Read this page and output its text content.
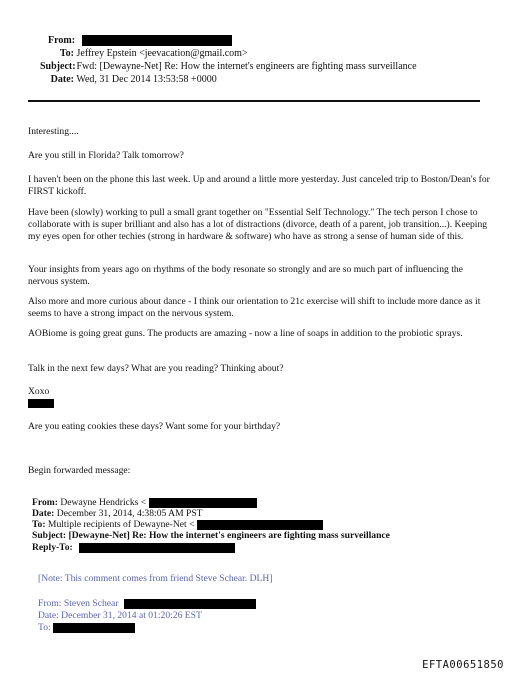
From:
To: Jeffrey Epstein <jeevacation@gmail.com>
Subject: Fwd: [Dewayne-Net] Re: How the internet's engineers are fighting mass surveillance
Date: Wed, 31 Dec 2014 13:53:58 +0000
Interesting....
Are you still in Florida? Talk tomorrow?
I haven't been on the phone this last week. Up and around a little more yesterday. Just canceled trip to Boston/Dean's for FIRST kickoff.
Have been (slowly) working to pull a small grant together on "Essential Self Technology." The tech person I chose to collaborate with is super brilliant and also has a lot of distractions (divorce, death of a parent, job transition...). Keeping my eyes open for other techies (strong in hardware & software) who have as strong a sense of human side of this.
Your insights from years ago on rhythms of the body resonate so strongly and are so much part of influencing the nervous system.
Also more and more curious about dance - I think our orientation to 21c exercise will shift to include more dance as it seems to have a strong impact on the nervous system.
AOBiome is going great guns. The products are amazing - now a line of soaps in addition to the probiotic sprays.
Talk in the next few days? What are you reading? Thinking about?
Xoxo
Are you eating cookies these days? Want some for your birthday?
Begin forwarded message:
From: Dewayne Hendricks <
Date: December 31, 2014, 4:38:05 AM PST
To: Multiple recipients of Dewayne-Net <
Subject: [Dewayne-Net] Re: How the internet's engineers are fighting mass surveillance
Reply-To:
[Note: This comment comes from friend Steve Schear. DLH]
From: Steven Schear
Date: December 31, 2014 at 01:20:26 EST
To:
EFTA00651850
